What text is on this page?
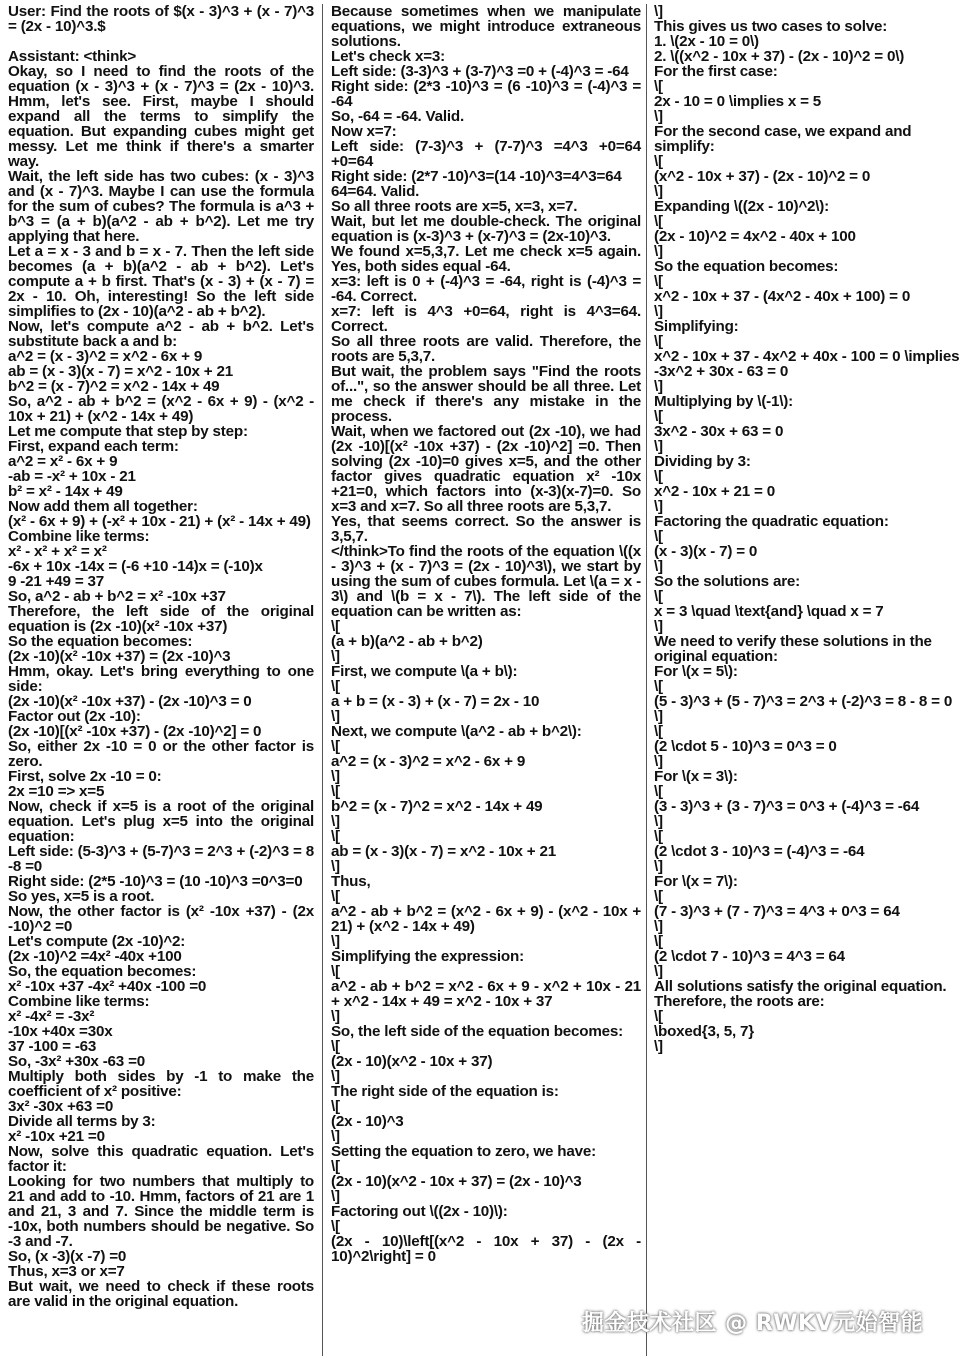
User: Find the roots of $(x - 3)^3 + (x - 7)^3 = (2x - 10)^3.$
Assistant: <think>
Okay, so I need to find the roots of the equation (x - 3)^3 + (x - 7)^3 = (2x - 10)^3. Hmm, let's see. First, maybe I should expand all the terms to simplify the equation. But expanding cubes might get messy. Let me think if there's a smarter way.
Wait, the left side has two cubes: (x - 3)^3 and (x - 7)^3. Maybe I can use the formula for the sum of cubes? The formula is a^3 + b^3 = (a + b)(a^2 - ab + b^2). Let me try applying that here.
Let a = x - 3 and b = x - 7. Then the left side becomes (a + b)(a^2 - ab + b^2). Let's compute a + b first. That's (x - 3) + (x - 7) = 2x - 10. Oh, interesting! So the left side simplifies to (2x - 10)(a^2 - ab + b^2).
Now, let's compute a^2 - ab + b^2. Let's substitute back a and b:
a^2 = (x - 3)^2 = x^2 - 6x + 9
ab = (x - 3)(x - 7) = x^2 - 10x + 21
b^2 = (x - 7)^2 = x^2 - 14x + 49
So, a^2 - ab + b^2 = (x^2 - 6x + 9) - (x^2 - 10x + 21) + (x^2 - 14x + 49)
Let me compute that step by step:
First, expand each term:
a^2 = x² - 6x + 9
-ab = -x² + 10x - 21
b² = x² - 14x + 49
Now add them all together:
(x² - 6x + 9) + (-x² + 10x - 21) + (x² - 14x + 49)
Combine like terms:
x² - x² + x² = x²
-6x + 10x -14x = (-6 +10 -14)x = (-10)x
9 -21 +49 = 37
So, a^2 - ab + b^2 = x² -10x +37
Therefore, the left side of the original equation is (2x -10)(x² -10x +37)
So the equation becomes:
(2x -10)(x² -10x +37) = (2x -10)^3
Hmm, okay. Let's bring everything to one side:
(2x -10)(x² -10x +37) - (2x -10)^3 = 0
Factor out (2x -10):
(2x -10)[(x² -10x +37) - (2x -10)^2] = 0
So, either 2x -10 = 0 or the other factor is zero.
First, solve 2x -10 = 0:
2x =10 => x=5
Now, check if x=5 is a root of the original equation. Let's plug x=5 into the original equation:
Left side: (5-3)^3 + (5-7)^3 = 2^3 + (-2)^3 = 8 -8 =0
Right side: (2*5 -10)^3 = (10 -10)^3 =0^3=0
So yes, x=5 is a root.
Now, the other factor is (x² -10x +37) - (2x -10)^2 =0
Let's compute (2x -10)^2:
(2x -10)^2 =4x² -40x +100
So, the equation becomes:
x² -10x +37 -4x² +40x -100 =0
Combine like terms:
x² -4x² = -3x²
-10x +40x =30x
37 -100 = -63
So, -3x² +30x -63 =0
Multiply both sides by -1 to make the coefficient of x² positive:
3x² -30x +63 =0
Divide all terms by 3:
x² -10x +21 =0
Now, solve this quadratic equation. Let's factor it:
Looking for two numbers that multiply to 21 and add to -10. Hmm, factors of 21 are 1 and 21, 3 and 7. Since the middle term is -10x, both numbers should be negative. So -3 and -7.
So, (x -3)(x -7) =0
Thus, x=3 or x=7
But wait, we need to check if these roots are valid in the original equation.
Because sometimes when we manipulate equations, we might introduce extraneous solutions.
Let's check x=3:
Left side: (3-3)^3 + (3-7)^3 =0 + (-4)^3 = -64
Right side: (2*3 -10)^3 = (6 -10)^3 = (-4)^3 = -64
So, -64 = -64. Valid.
Now x=7:
Left side: (7-3)^3 + (7-7)^3 =4^3 +0=64 +0=64
Right side: (2*7 -10)^3=(14 -10)^3=4^3=64
64=64. Valid.
So all three roots are x=5, x=3, x=7.
Wait, but let me double-check. The original equation is (x-3)^3 + (x-7)^3 = (2x-10)^3.
We found x=5,3,7. Let me check x=5 again. Yes, both sides equal -64.
x=3: left is 0 + (-4)^3 = -64, right is (-4)^3 = -64. Correct.
x=7: left is 4^3 +0=64, right is 4^3=64. Correct.
So all three roots are valid. Therefore, the roots are 5,3,7.
But wait, the problem says "Find the roots of...", so the answer should be all three. Let me check if there's any mistake in the process.
Wait, when we factored out (2x -10), we had (2x -10)[(x² -10x +37) - (2x -10)^2] =0. Then solving (2x -10)=0 gives x=5, and the other factor gives quadratic equation x² -10x +21=0, which factors into (x-3)(x-7)=0. So x=3 and x=7. So all three roots are 5,3,7.
Yes, that seems correct. So the answer is 3,5,7.
</think>To find the roots of the equation \((x - 3)^3 + (x - 7)^3 = (2x - 10)^3\), we start by using the sum of cubes formula. Let \(a = x - 3\) and \(b = x - 7\). The left side of the equation can be written as:
\[
(a + b)(a^2 - ab + b^2)
\]
First, we compute \(a + b\):
\[
a + b = (x - 3) + (x - 7) = 2x - 10
\]
Next, we compute \(a^2 - ab + b^2\):
\[
a^2 = (x - 3)^2 = x^2 - 6x + 9
\]
\[
b^2 = (x - 7)^2 = x^2 - 14x + 49
\]
\[
ab = (x - 3)(x - 7) = x^2 - 10x + 21
\]
Thus,
\[
a^2 - ab + b^2 = (x^2 - 6x + 9) - (x^2 - 10x + 21) + (x^2 - 14x + 49)
\]
Simplifying the expression:
\[
a^2 - ab + b^2 = x^2 - 6x + 9 - x^2 + 10x - 21 + x^2 - 14x + 49 = x^2 - 10x + 37
\]
So, the left side of the equation becomes:
\[
(2x - 10)(x^2 - 10x + 37)
\]
The right side of the equation is:
\[
(2x - 10)^3
\]
Setting the equation to zero, we have:
\[
(2x - 10)(x^2 - 10x + 37) = (2x - 10)^3
\]
Factoring out \((2x - 10)\):
\[
(2x - 10)\left[(x^2 - 10x + 37) - (2x - 10)^2\right] = 0
\]
This gives us two cases to solve:
1. \(2x - 10 = 0\)
2. \((x^2 - 10x + 37) - (2x - 10)^2 = 0\)
For the first case:
\[
2x - 10 = 0 \implies x = 5
\]
For the second case, we expand and simplify:
\[
(x^2 - 10x + 37) - (2x - 10)^2 = 0
\]
Expanding \((2x - 10)^2\):
\[
(2x - 10)^2 = 4x^2 - 40x + 100
\]
So the equation becomes:
\[
x^2 - 10x + 37 - (4x^2 - 40x + 100) = 0
\]
Simplifying:
\[
x^2 - 10x + 37 - 4x^2 + 40x - 100 = 0 \implies -3x^2 + 30x - 63 = 0
\]
Multiplying by \(-1\):
\[
3x^2 - 30x + 63 = 0
\]
Dividing by 3:
\[
x^2 - 10x + 21 = 0
\]
Factoring the quadratic equation:
\[
(x - 3)(x - 7) = 0
\]
So the solutions are:
\[
x = 3 \quad \text{and} \quad x = 7
\]
We need to verify these solutions in the original equation:
For \(x = 5\):
\[
(5 - 3)^3 + (5 - 7)^3 = 2^3 + (-2)^3 = 8 - 8 = 0
\]
\[
(2 \cdot 5 - 10)^3 = 0^3 = 0
\]
For \(x = 3\):
\[
(3 - 3)^3 + (3 - 7)^3 = 0^3 + (-4)^3 = -64
\]
\[
(2 \cdot 3 - 10)^3 = (-4)^3 = -64
\]
For \(x = 7\):
\[
(7 - 3)^3 + (7 - 7)^3 = 4^3 + 0^3 = 64
\]
\[
(2 \cdot 7 - 10)^3 = 4^3 = 64
\]
All solutions satisfy the original equation. Therefore, the roots are:
\[
\boxed{3, 5, 7}
\]
掘金技术社区 @ RWKV元始智能
